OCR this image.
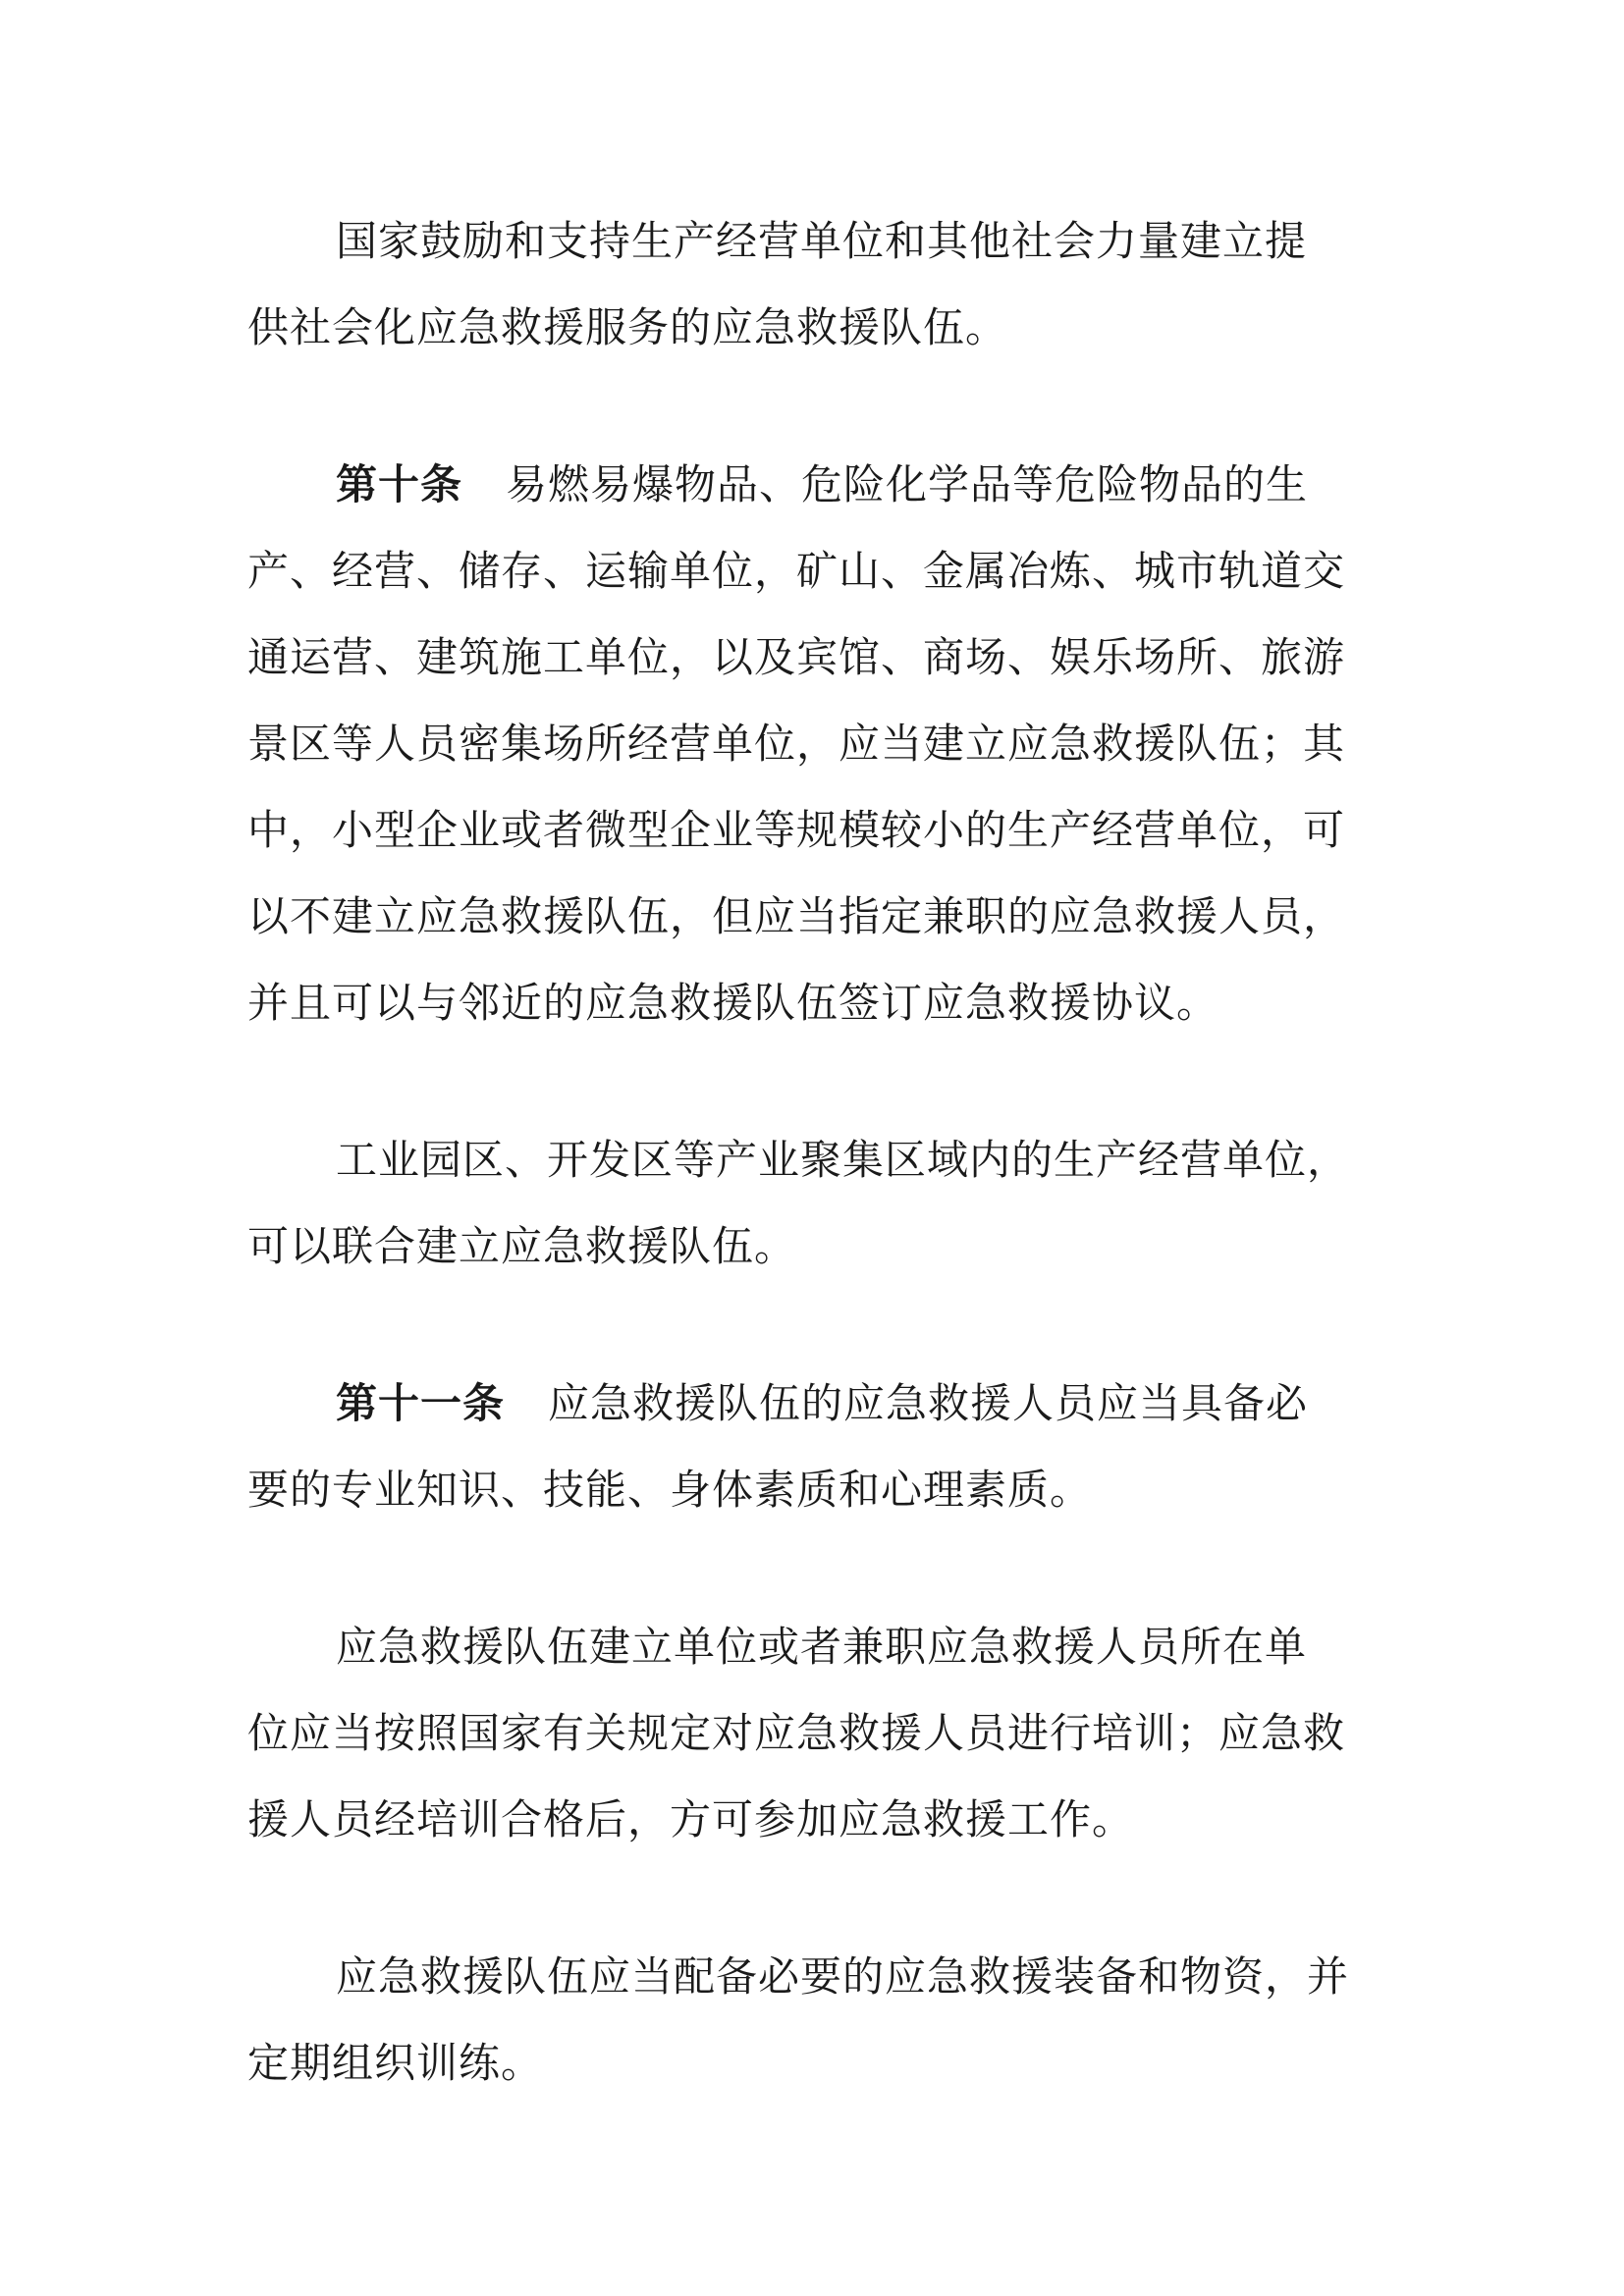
国家鼓励和支持生产经营单位和其他社会力量建立提
供社会化应急救援服务的应急救援队伍。
第十条 易燃易爆物品、危险化学品等危险物品的生
产、经营、储存、运输单位，矿山、金属冶炼、城市轨道交
通运营、建筑施工单位，以及宾馆、商场、娱乐场所、旅游
景区等人员密集场所经营单位，应当建立应急救援队伍；其
中，小型企业或者微型企业等规模较小的生产经营单位，可
以不建立应急救援队伍，但应当指定兼职的应急救援人员，
并且可以与邻近的应急救援队伍签订应急救援协议。
工业园区、开发区等产业聚集区域内的生产经营单位，
可以联合建立应急救援队伍。
第十一条 应急救援队伍的应急救援人员应当具备必
要的专业知识、技能、身体素质和心理素质。
应急救援队伍建立单位或者兼职应急救援人员所在单
位应当按照国家有关规定对应急救援人员进行培训；应急救
援人员经培训合格后，方可参加应急救援工作。
应急救援队伍应当配备必要的应急救援装备和物资，并
定期组织训练。
